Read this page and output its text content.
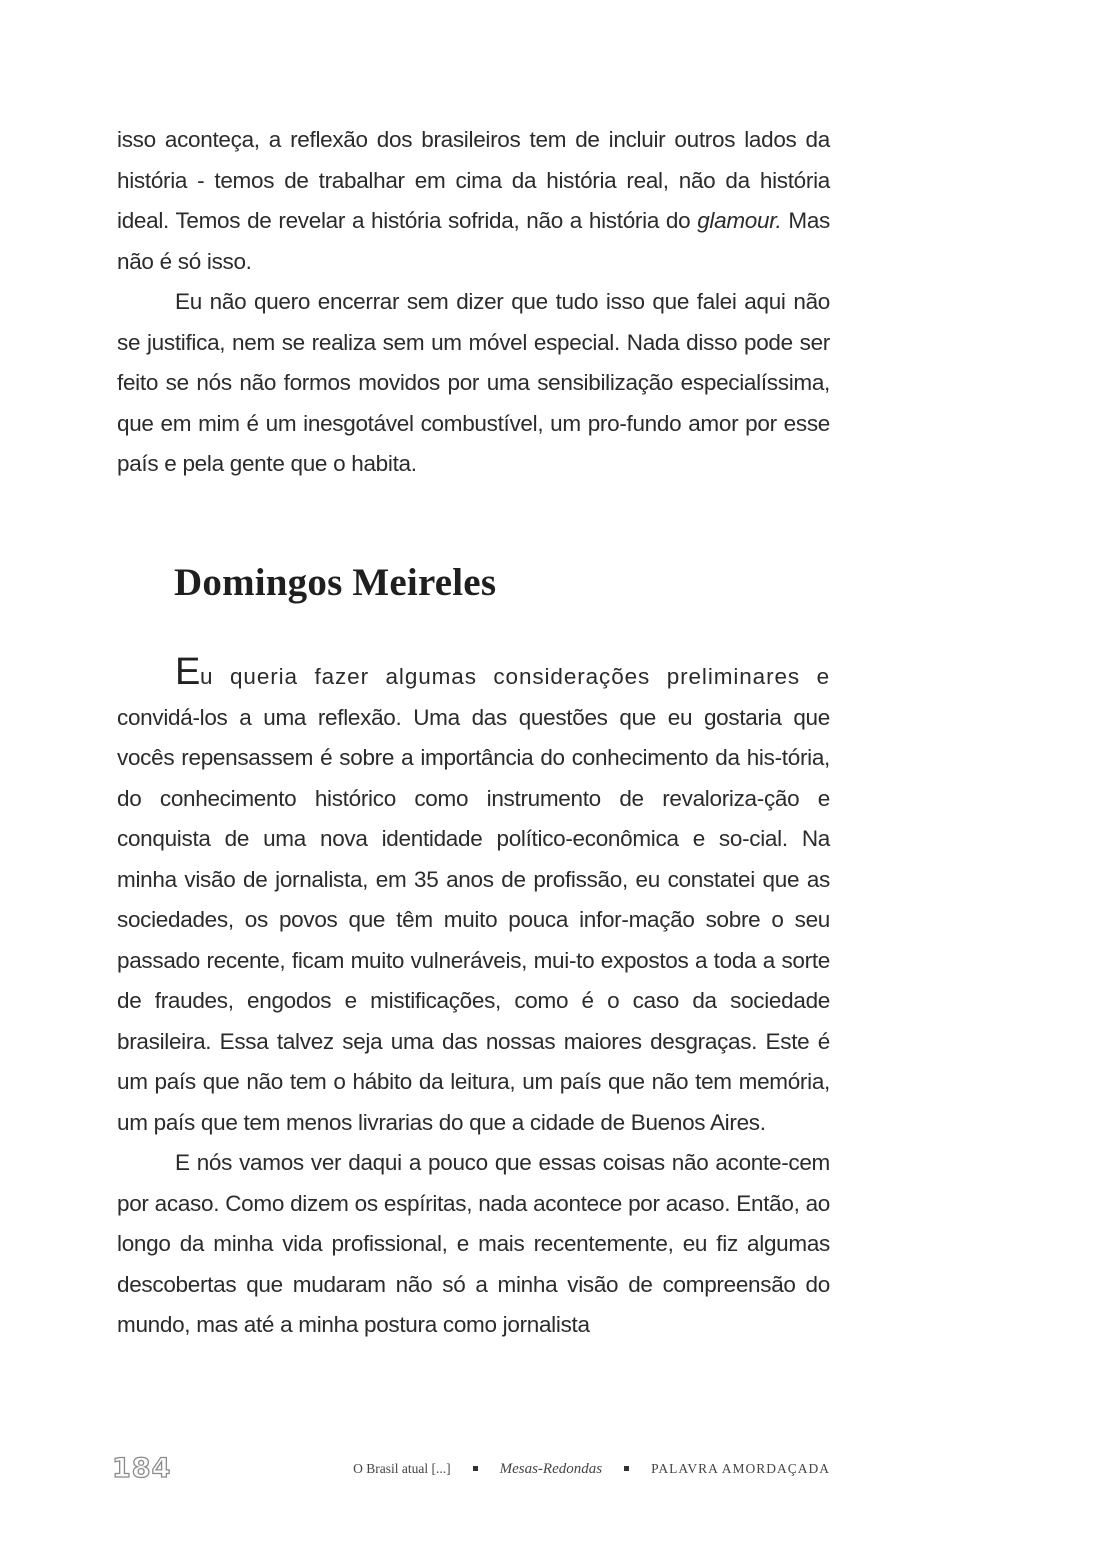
isso aconteça, a reflexão dos brasileiros tem de incluir outros lados da história - temos de trabalhar em cima da história real, não da história ideal. Temos de revelar a história sofrida, não a história do glamour. Mas não é só isso.

Eu não quero encerrar sem dizer que tudo isso que falei aqui não se justifica, nem se realiza sem um móvel especial. Nada disso pode ser feito se nós não formos movidos por uma sensibilização especialíssima, que em mim é um inesgotável combustível, um pro-fundo amor por esse país e pela gente que o habita.

Domingos Meireles

Eu queria fazer algumas considerações preliminares e convidá-los a uma reflexão. Uma das questões que eu gostaria que vocês repensassem é sobre a importância do conhecimento da his-tória, do conhecimento histórico como instrumento de revaloriza-ção e conquista de uma nova identidade político-econômica e so-cial. Na minha visão de jornalista, em 35 anos de profissão, eu constatei que as sociedades, os povos que têm muito pouca infor-mação sobre o seu passado recente, ficam muito vulneráveis, mui-to expostos a toda a sorte de fraudes, engodos e mistificações, como é o caso da sociedade brasileira. Essa talvez seja uma das nossas maiores desgraças. Este é um país que não tem o hábito da leitura, um país que não tem memória, um país que tem menos livrarias do que a cidade de Buenos Aires.

E nós vamos ver daqui a pouco que essas coisas não aconte-cem por acaso. Como dizem os espíritas, nada acontece por acaso. Então, ao longo da minha vida profissional, e mais recentemente, eu fiz algumas descobertas que mudaram não só a minha visão de compreensão do mundo, mas até a minha postura como jornalista

184	O Brasil atual [...]	Mesas-Redondas	PALAVRA AMORDAÇADA
